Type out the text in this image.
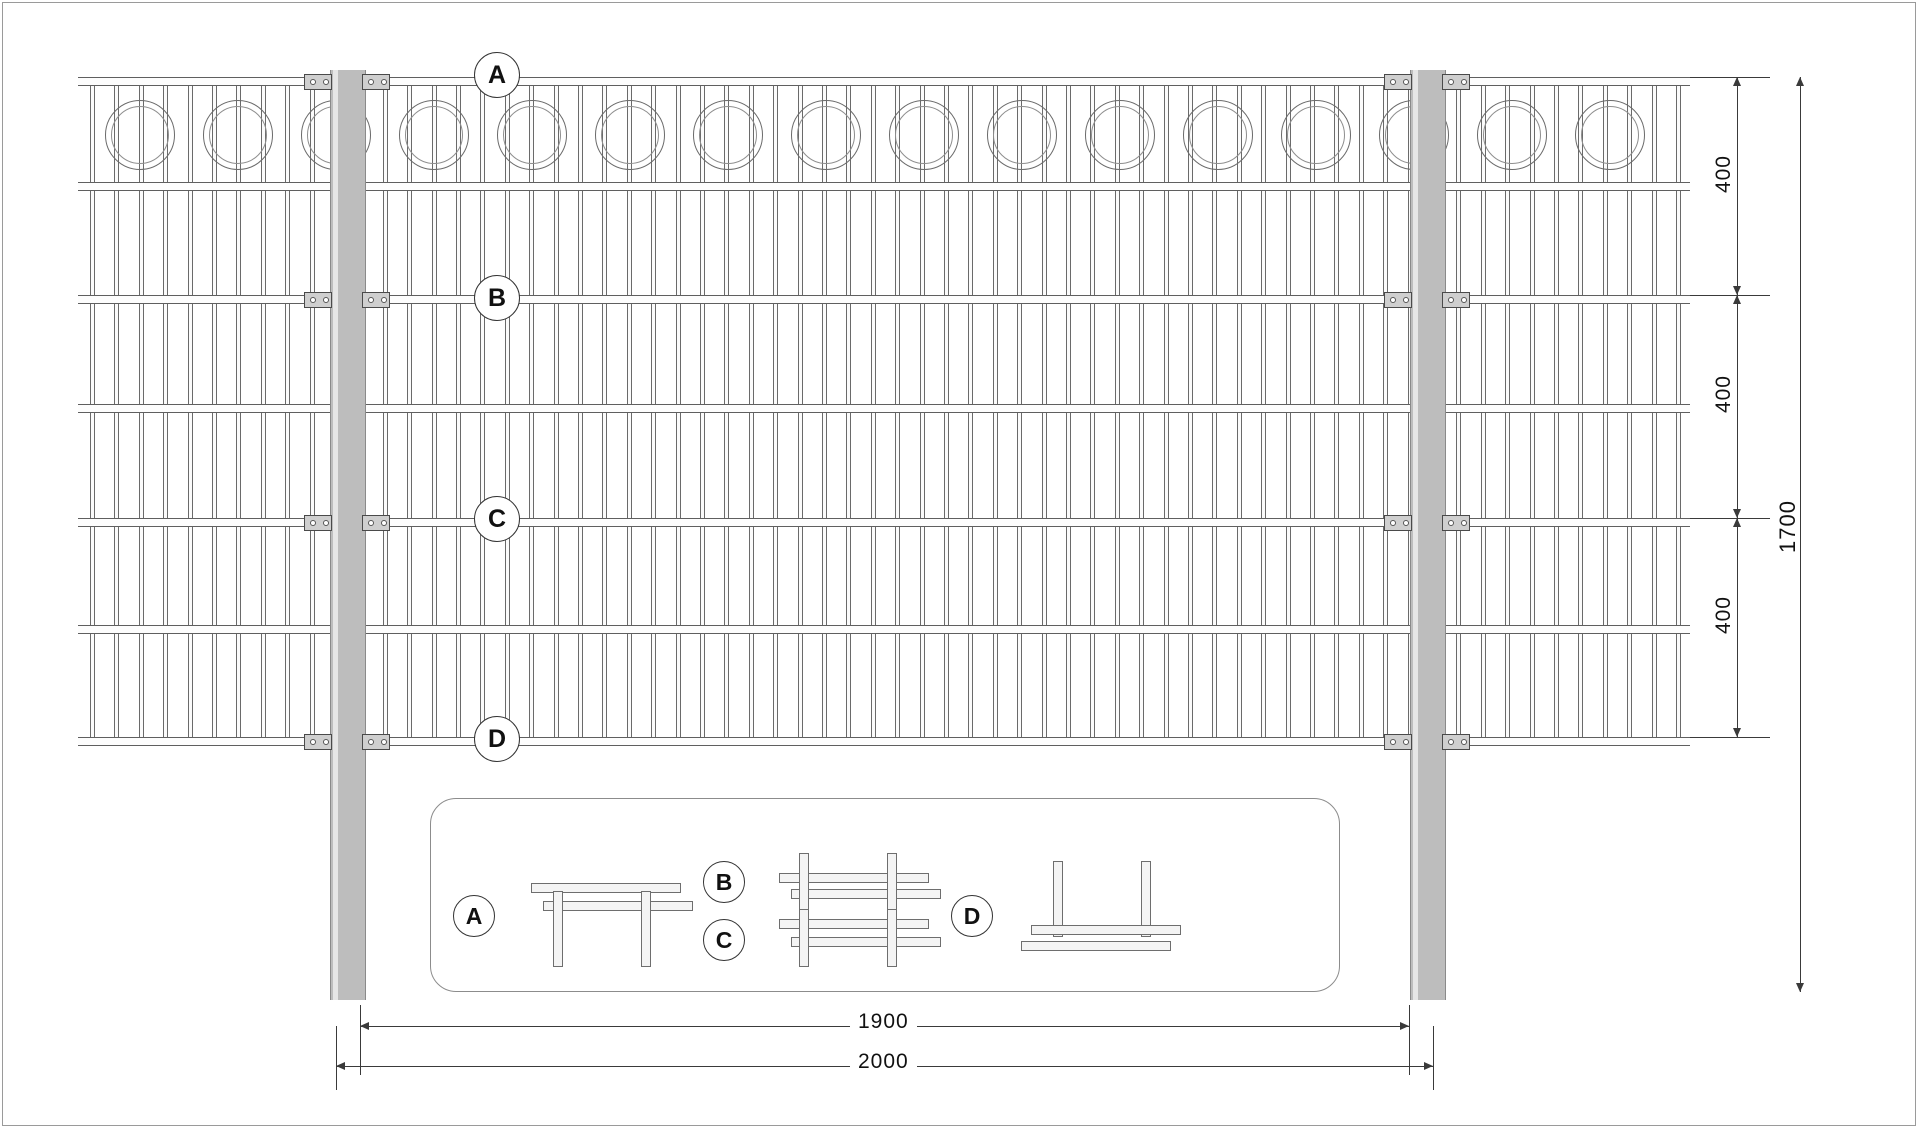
A
B
C
D
400
400
400
1700
1900
2000
A
B
C
D
